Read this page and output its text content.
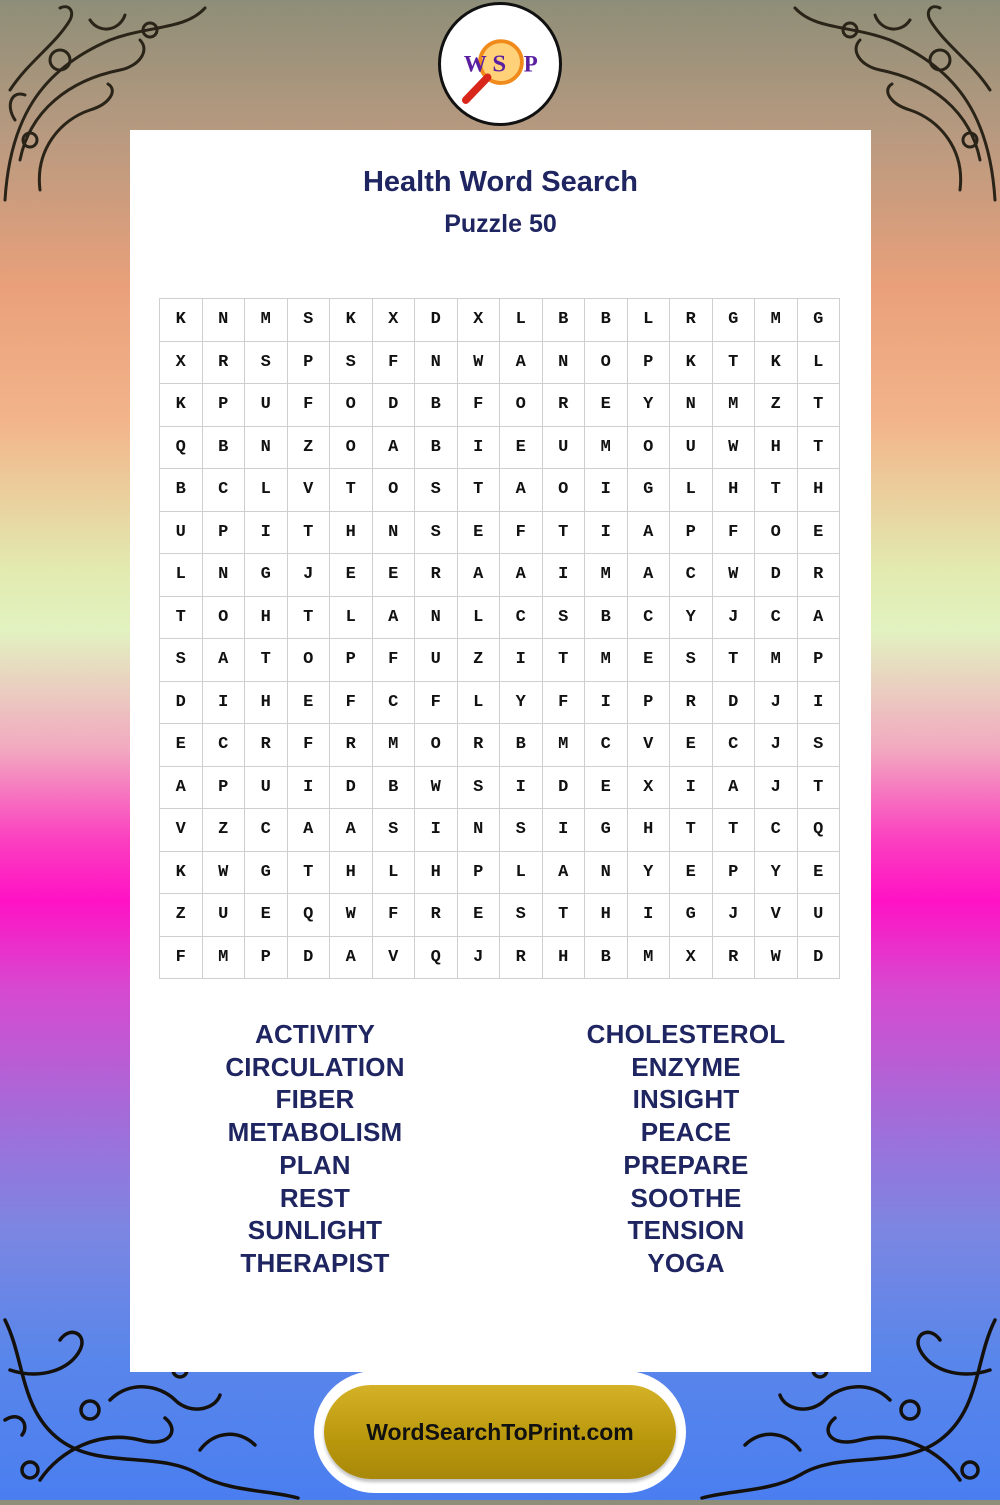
W S P
Health Word Search
Puzzle 50
K	N	M	S	K	X	D	X	L	B	B	L	R	G	M	G
X	R	S	P	S	F	N	W	A	N	O	P	K	T	K	L
K	P	U	F	O	D	B	F	O	R	E	Y	N	M	Z	T
Q	B	N	Z	O	A	B	I	E	U	M	O	U	W	H	T
B	C	L	V	T	O	S	T	A	O	I	G	L	H	T	H
U	P	I	T	H	N	S	E	F	T	I	A	P	F	O	E
L	N	G	J	E	E	R	A	A	I	M	A	C	W	D	R
T	O	H	T	L	A	N	L	C	S	B	C	Y	J	C	A
S	A	T	O	P	F	U	Z	I	T	M	E	S	T	M	P
D	I	H	E	F	C	F	L	Y	F	I	P	R	D	J	I
E	C	R	F	R	M	O	R	B	M	C	V	E	C	J	S
A	P	U	I	D	B	W	S	I	D	E	X	I	A	J	T
V	Z	C	A	A	S	I	N	S	I	G	H	T	T	C	Q
K	W	G	T	H	L	H	P	L	A	N	Y	E	P	Y	E
Z	U	E	Q	W	F	R	E	S	T	H	I	G	J	V	U
F	M	P	D	A	V	Q	J	R	H	B	M	X	R	W	D
ACTIVITY
CIRCULATION
FIBER
METABOLISM
PLAN
REST
SUNLIGHT
THERAPIST
CHOLESTEROL
ENZYME
INSIGHT
PEACE
PREPARE
SOOTHE
TENSION
YOGA
WordSearchToPrint.com
